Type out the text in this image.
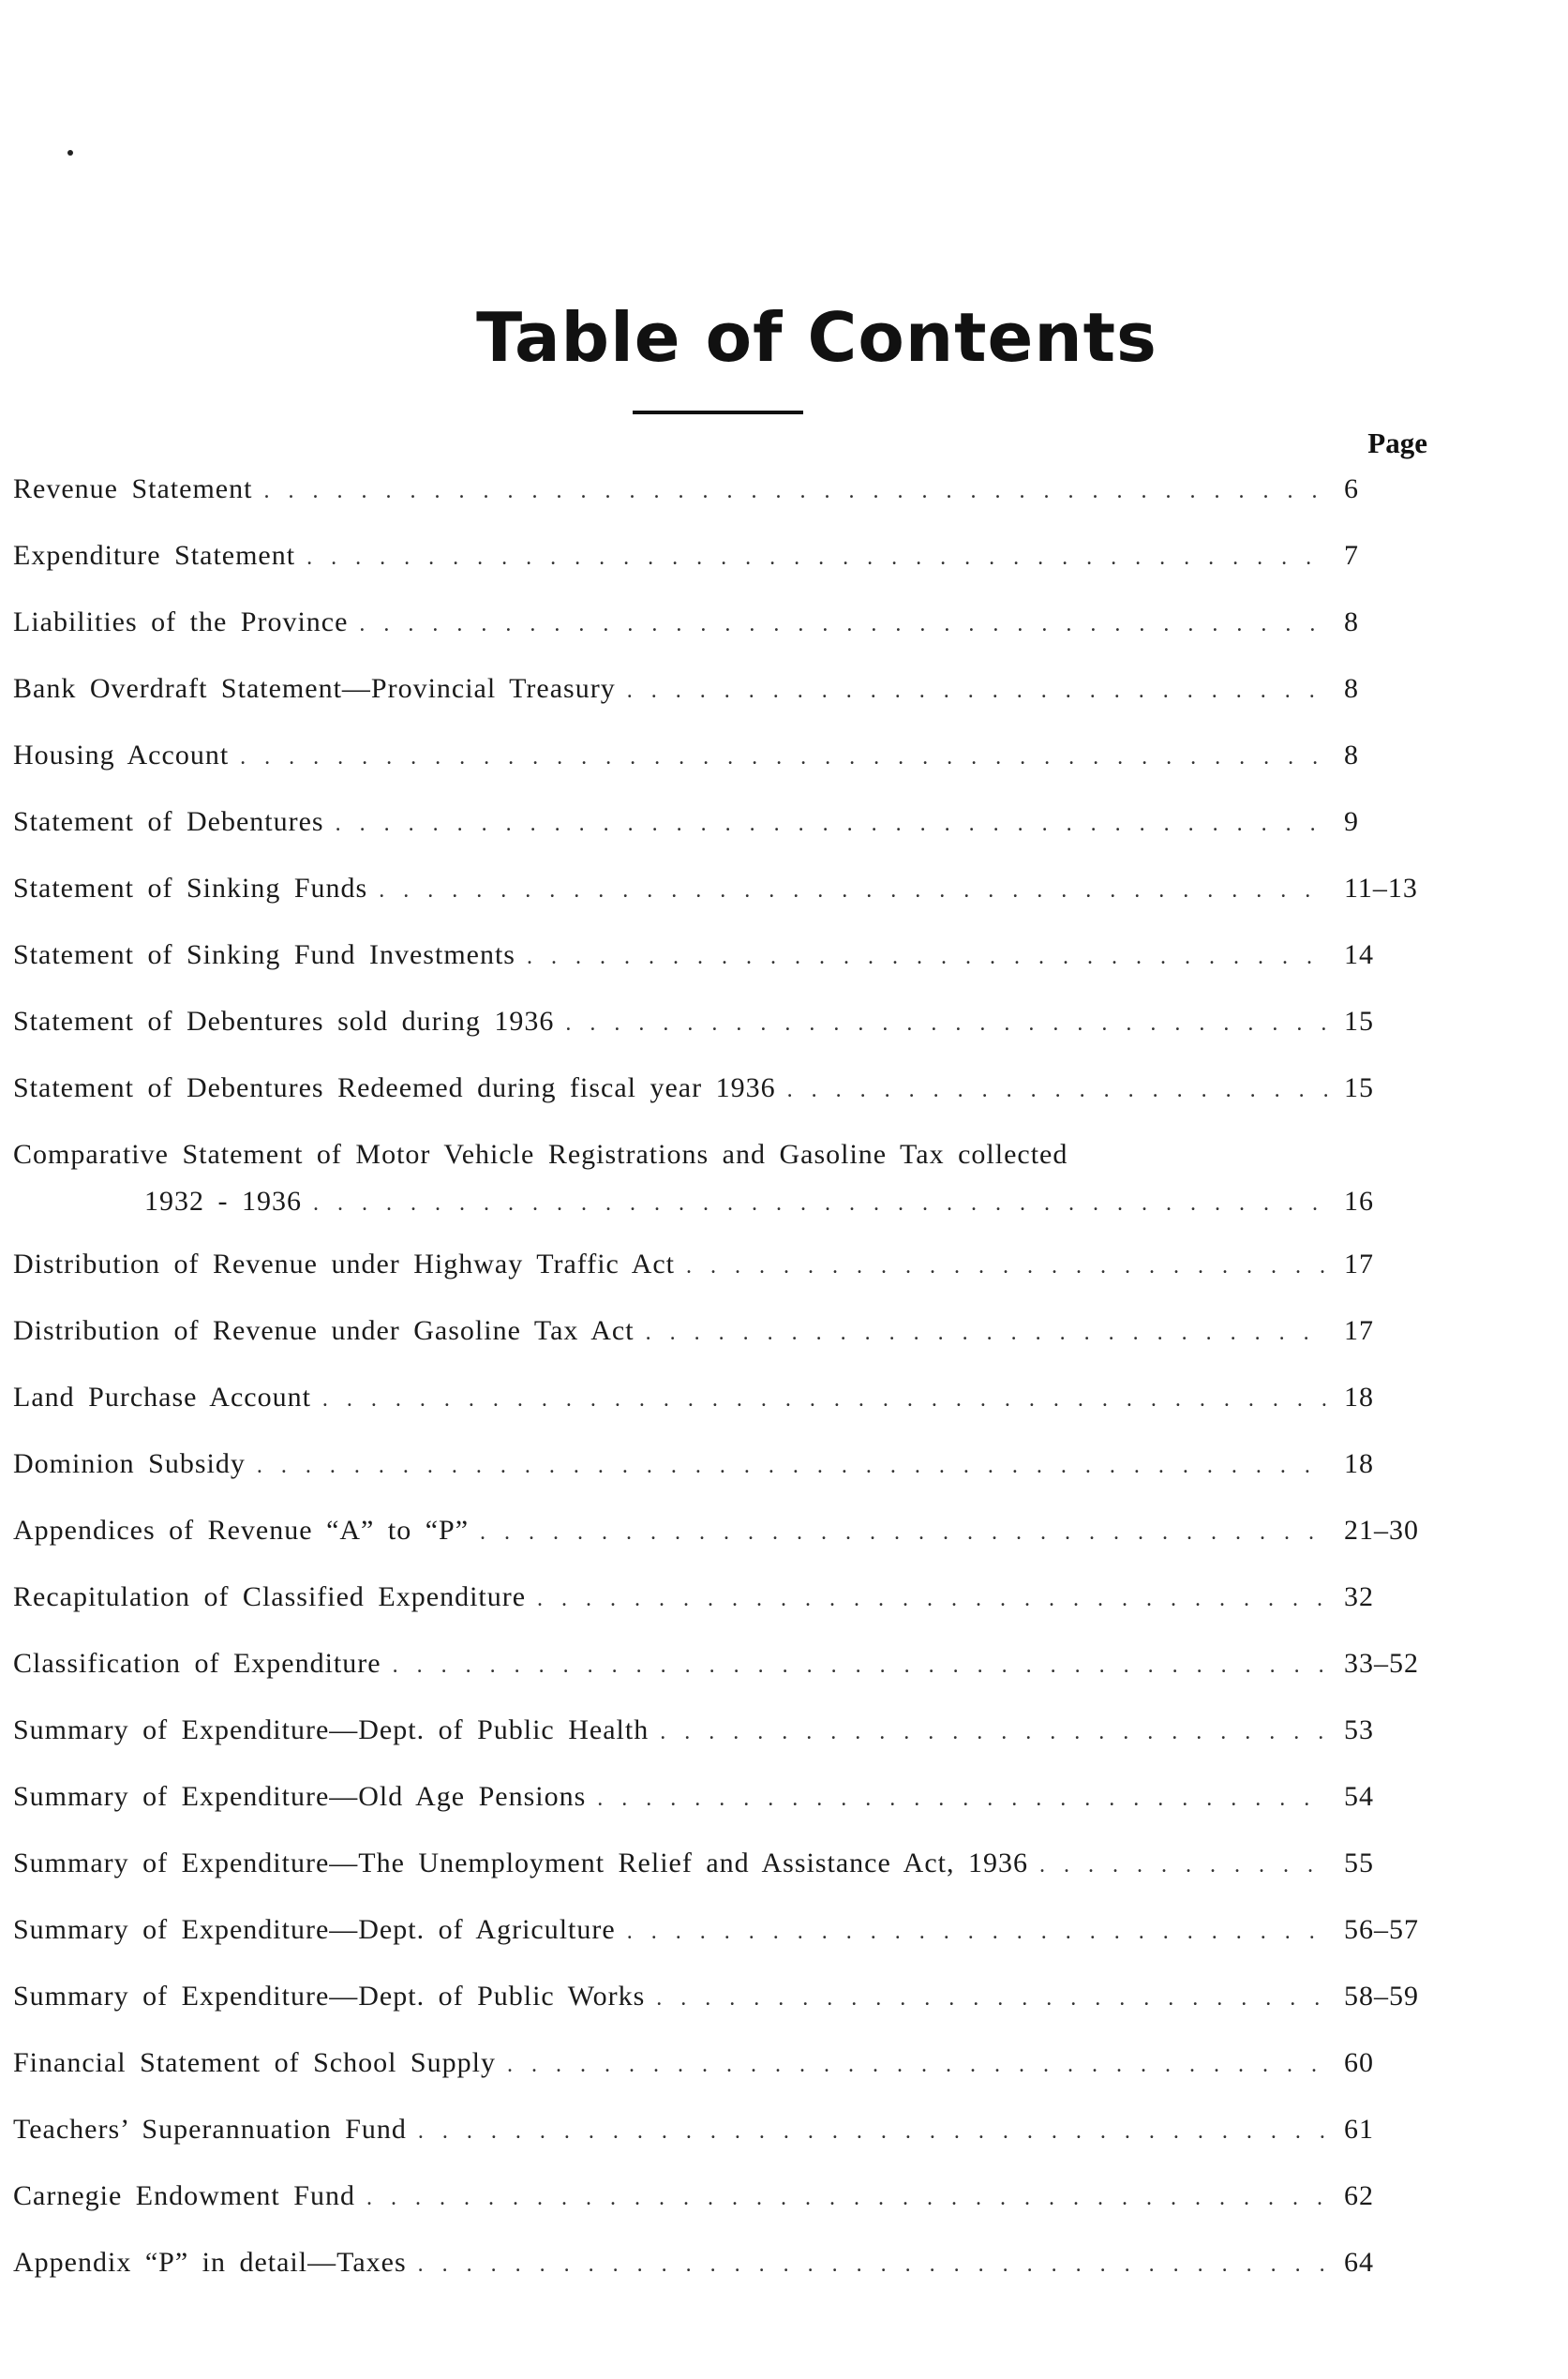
Table of Contents
Page
Revenue Statement . . .	6
Expenditure Statement . . .	7
Liabilities of the Province . . .	8
Bank Overdraft Statement—Provincial Treasury . . .	8
Housing Account . . .	8
Statement of Debentures . . .	9
Statement of Sinking Funds . . .	11–13
Statement of Sinking Fund Investments . . .	14
Statement of Debentures sold during 1936 . . .	15
Statement of Debentures Redeemed during fiscal year 1936 . . .	15
Comparative Statement of Motor Vehicle Registrations and Gasoline Tax collected
1932 - 1936 . . .	16
Distribution of Revenue under Highway Traffic Act . . .	17
Distribution of Revenue under Gasoline Tax Act . . .	17
Land Purchase Account . . .	18
Dominion Subsidy . . .	18
Appendices of Revenue “A” to “P” . . .	21–30
Recapitulation of Classified Expenditure . . .	32
Classification of Expenditure . . .	33–52
Summary of Expenditure—Dept. of Public Health . . .	53
Summary of Expenditure—Old Age Pensions . . .	54
Summary of Expenditure—The Unemployment Relief and Assistance Act, 1936 . . .	55
Summary of Expenditure—Dept. of Agriculture . . .	56–57
Summary of Expenditure—Dept. of Public Works . . .	58–59
Financial Statement of School Supply . . .	60
Teachers’ Superannuation Fund . . .	61
Carnegie Endowment Fund . . .	62
Appendix “P” in detail—Taxes . . .	64
